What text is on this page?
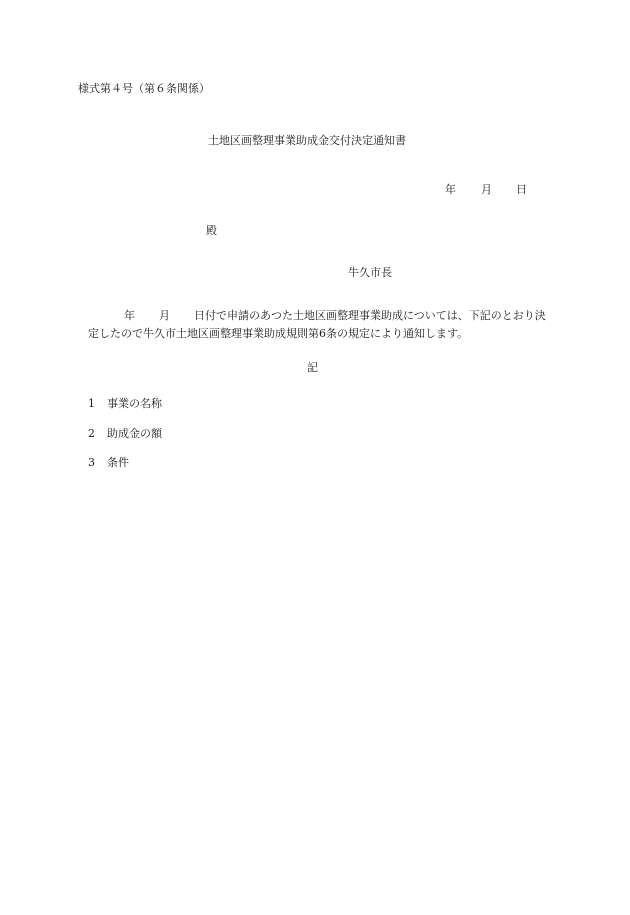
様式第４号（第６条関係）
土地区画整理事業助成金交付決定通知書
年 月 日
殿
牛久市長
年 月 日付で申請のあつた土地区画整理事業助成については、下記のとおり決定したので牛久市土地区画整理事業助成規則第6条の規定により通知します。
記
1 事業の名称
2 助成金の額
3 条件
